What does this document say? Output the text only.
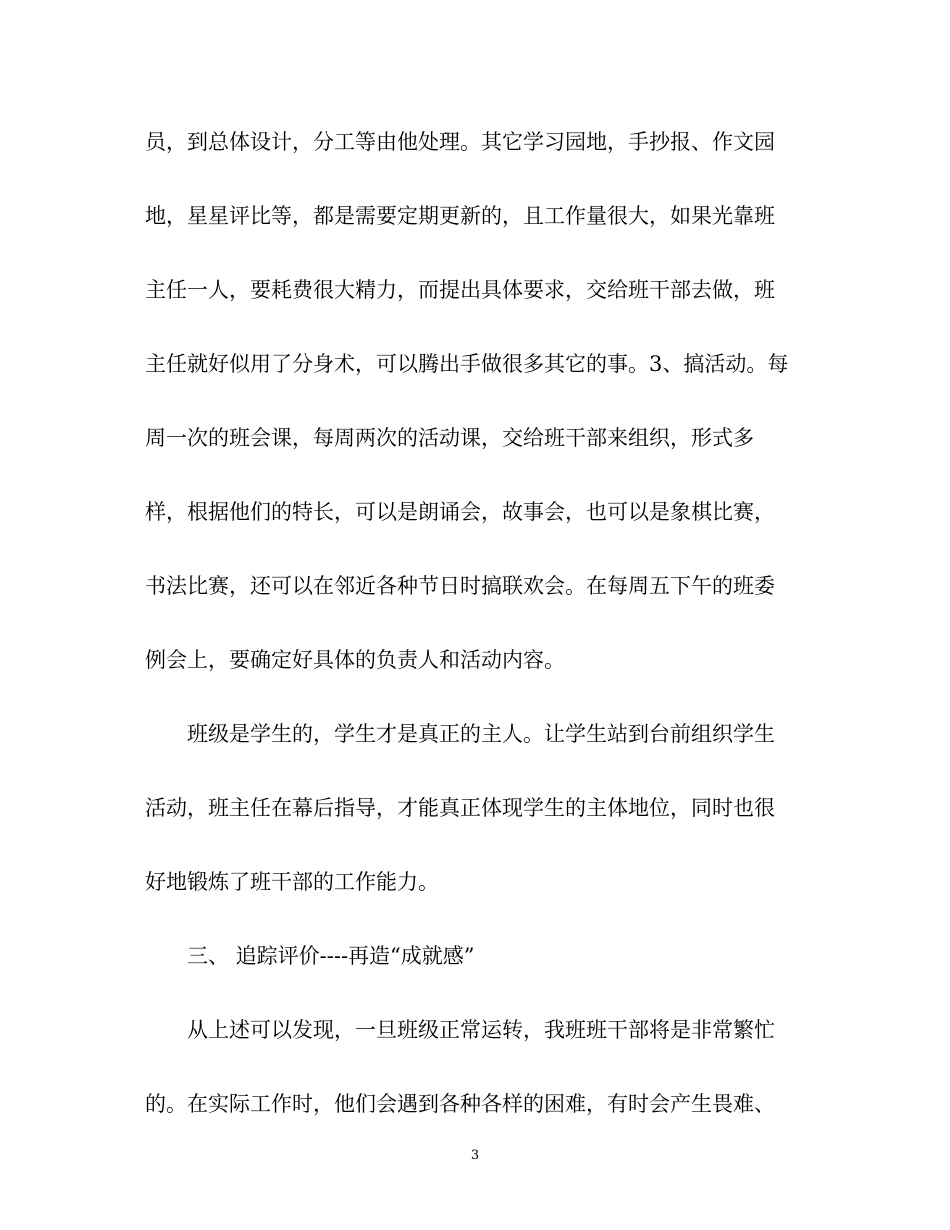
员，到总体设计，分工等由他处理。其它学习园地，手抄报、作文园
地，星星评比等，都是需要定期更新的，且工作量很大，如果光靠班
主任一人，要耗费很大精力，而提出具体要求，交给班干部去做，班
主任就好似用了分身术，可以腾出手做很多其它的事。3、搞活动。每
周一次的班会课，每周两次的活动课，交给班干部来组织，形式多
样，根据他们的特长，可以是朗诵会，故事会，也可以是象棋比赛，
书法比赛，还可以在邻近各种节日时搞联欢会。在每周五下午的班委
例会上，要确定好具体的负责人和活动内容。
班级是学生的，学生才是真正的主人。让学生站到台前组织学生
活动，班主任在幕后指导，才能真正体现学生的主体地位，同时也很
好地锻炼了班干部的工作能力。
三、 追踪评价----再造“成就感”
从上述可以发现，一旦班级正常运转，我班班干部将是非常繁忙
的。在实际工作时，他们会遇到各种各样的困难，有时会产生畏难、
3
